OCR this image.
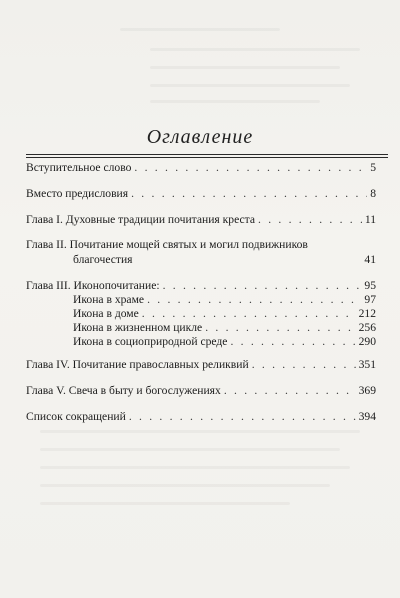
Оглавление
Вступительное слово . . .	5
Вместо предисловия . . .	8
Глава I. Духовные традиции почитания креста . . .	11
Глава II. Почитание мощей святых и могил подвижников
благочестия	41
Глава III. Иконопочитание: . . .	95
Икона в храме . . .	97
Икона в доме . . .	212
Икона в жизненном цикле . . .	256
Икона в социоприродной среде . . .	290
Глава IV. Почитание православных реликвий . . .	351
Глава V. Свеча в быту и богослужениях . . .	369
Список сокращений . . .	394
